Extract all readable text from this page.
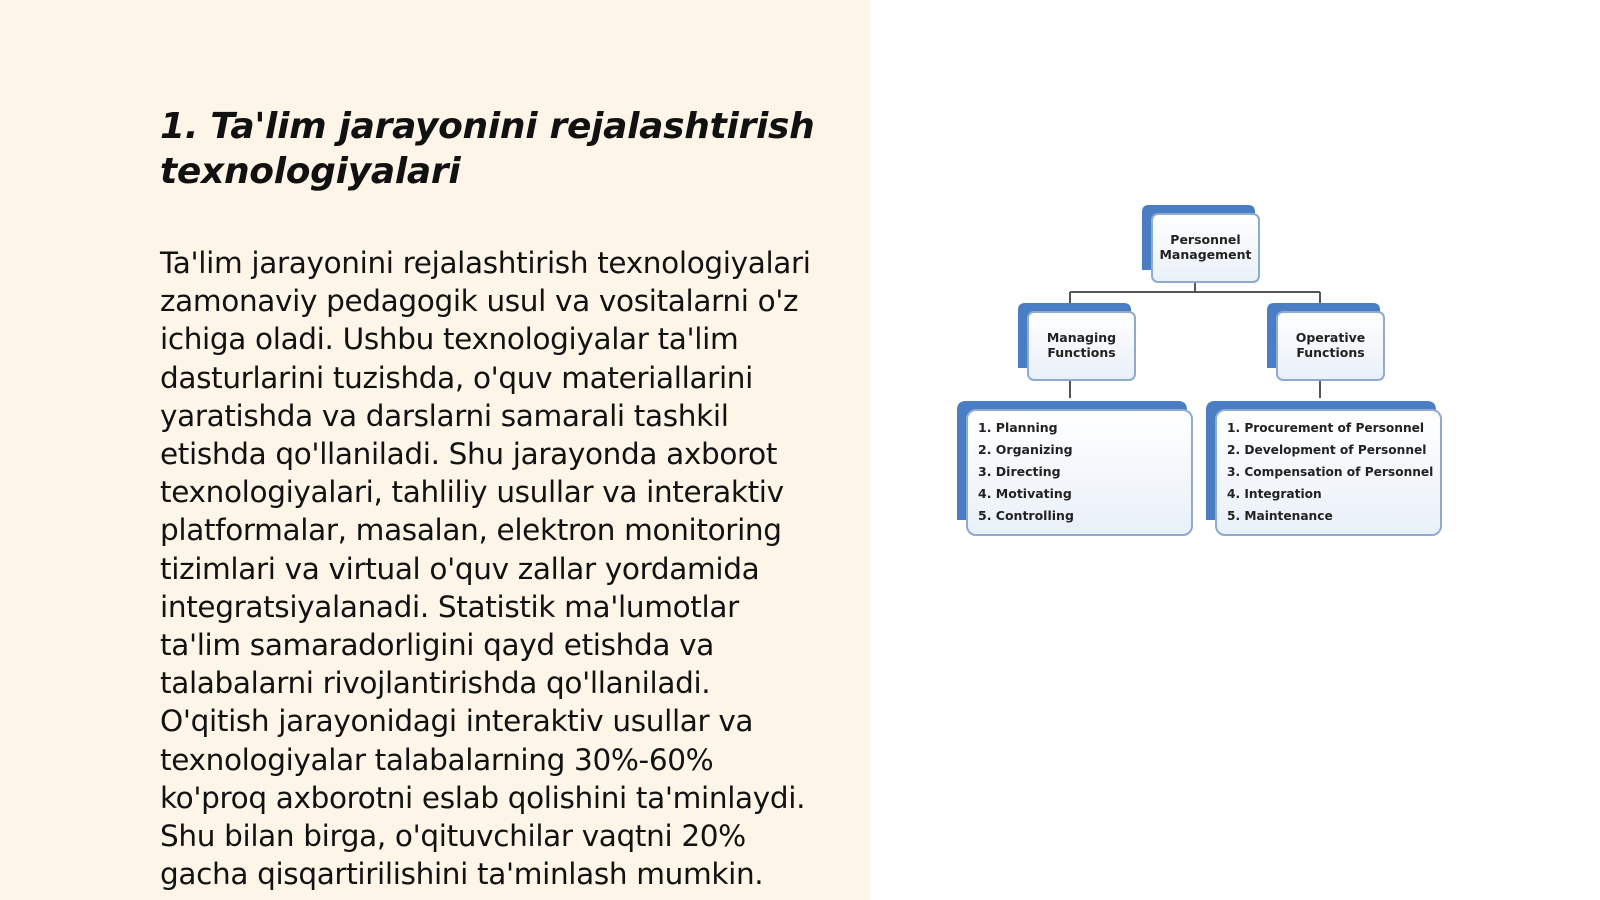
1. Ta'lim jarayonini rejalashtirish
texnologiyalari

Ta'lim jarayonini rejalashtirish texnologiyalari
zamonaviy pedagogik usul va vositalarni o'z
ichiga oladi. Ushbu texnologiyalar ta'lim
dasturlarini tuzishda, o'quv materiallarini
yaratishda va darslarni samarali tashkil
etishda qo'llaniladi. Shu jarayonda axborot
texnologiyalari, tahliliy usullar va interaktiv
platformalar, masalan, elektron monitoring
tizimlari va virtual o'quv zallar yordamida
integratsiyalanadi. Statistik ma'lumotlar
ta'lim samaradorligini qayd etishda va
talabalarni rivojlantirishda qo'llaniladi.
O'qitish jarayonidagi interaktiv usullar va
texnologiyalar talabalarning 30%-60%
ko'proq axborotni eslab qolishini ta'minlaydi.
Shu bilan birga, o'qituvchilar vaqtni 20%
gacha qisqartirilishini ta'minlash mumkin.

Personnel
Management
Managing
Functions
Operative
Functions
1. Planning
2. Organizing
3. Directing
4. Motivating
5. Controlling
1. Procurement of Personnel
2. Development of Personnel
3. Compensation of Personnel
4. Integration
5. Maintenance
